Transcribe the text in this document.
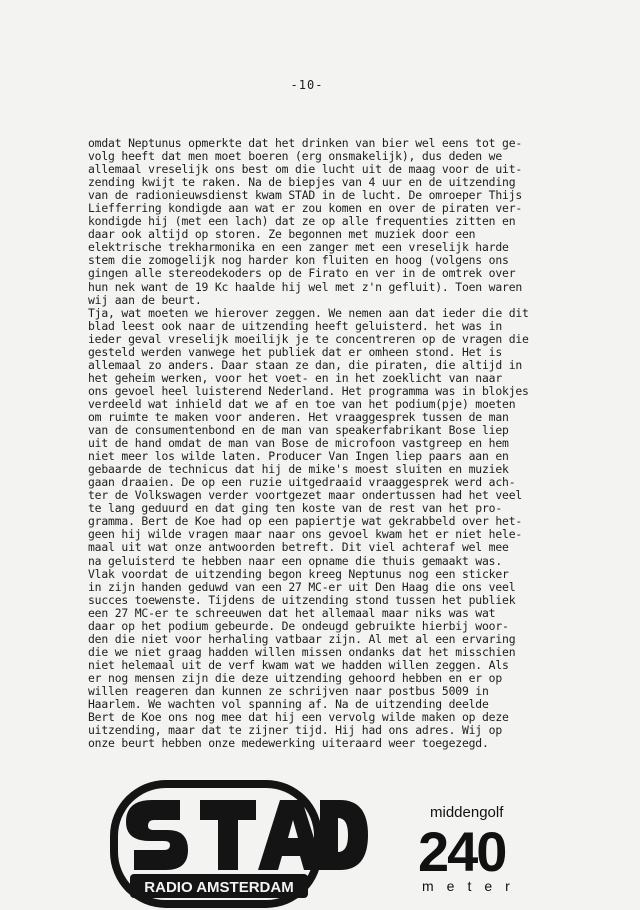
-10-
omdat Neptunus opmerkte dat het drinken van bier wel eens tot ge-
volg heeft dat men moet boeren (erg onsmakelijk), dus deden we
allemaal vreselijk ons best om die lucht uit de maag voor de uit-
zending kwijt te raken. Na de biepjes van 4 uur en de uitzending
van de radionieuwsdienst kwam STAD in de lucht. De omroeper Thijs
Liefferring kondigde aan wat er zou komen en over de piraten ver-
kondigde hij (met een lach) dat ze op alle frequenties zitten en
daar ook altijd op storen. Ze begonnen met muziek door een
elektrische trekharmonika en een zanger met een vreselijk harde
stem die zomogelijk nog harder kon fluiten en hoog (volgens ons
gingen alle stereodekoders op de Firato en ver in de omtrek over
hun nek want de 19 Kc haalde hij wel met z'n gefluit). Toen waren
wij aan de beurt.
Tja, wat moeten we hierover zeggen. We nemen aan dat ieder die dit
blad leest ook naar de uitzending heeft geluisterd. het was in
ieder geval vreselijk moeilijk je te concentreren op de vragen die
gesteld werden vanwege het publiek dat er omheen stond. Het is
allemaal zo anders. Daar staan ze dan, die piraten, die altijd in
het geheim werken, voor het voet- en in het zoeklicht van naar
ons gevoel heel luisterend Nederland. Het programma was in blokjes
verdeeld wat inhield dat we af en toe van het podium(pje) moeten
om ruimte te maken voor anderen. Het vraaggesprek tussen de man
van de consumentenbond en de man van speakerfabrikant Bose liep
uit de hand omdat de man van Bose de microfoon vastgreep en hem
niet meer los wilde laten. Producer Van Ingen liep paars aan en
gebaarde de technicus dat hij de mike's moest sluiten en muziek
gaan draaien. De op een ruzie uitgedraaid vraaggesprek werd ach-
ter de Volkswagen verder voortgezet maar ondertussen had het veel
te lang geduurd en dat ging ten koste van de rest van het pro-
gramma. Bert de Koe had op een papiertje wat gekrabbeld over het-
geen hij wilde vragen maar naar ons gevoel kwam het er niet hele-
maal uit wat onze antwoorden betreft. Dit viel achteraf wel mee
na geluisterd te hebben naar een opname die thuis gemaakt was.
Vlak voordat de uitzending begon kreeg Neptunus nog een sticker
in zijn handen geduwd van een 27 MC-er uit Den Haag die ons veel
succes toewenste. Tijdens de uitzending stond tussen het publiek
een 27 MC-er te schreeuwen dat het allemaal maar niks was wat
daar op het podium gebeurde. De ondeugd gebruikte hierbij woor-
den die niet voor herhaling vatbaar zijn. Al met al een ervaring
die we niet graag hadden willen missen ondanks dat het misschien
niet helemaal uit de verf kwam wat we hadden willen zeggen. Als
er nog mensen zijn die deze uitzending gehoord hebben en er op
willen reageren dan kunnen ze schrijven naar postbus 5009 in
Haarlem. We wachten vol spanning af. Na de uitzending deelde
Bert de Koe ons nog mee dat hij een vervolg wilde maken op deze
uitzending, maar dat te zijner tijd. Hij had ons adres. Wij op
onze beurt hebben onze medewerking uiteraard weer toegezegd.
RADIO AMSTERDAM
middengolf
240
meter
